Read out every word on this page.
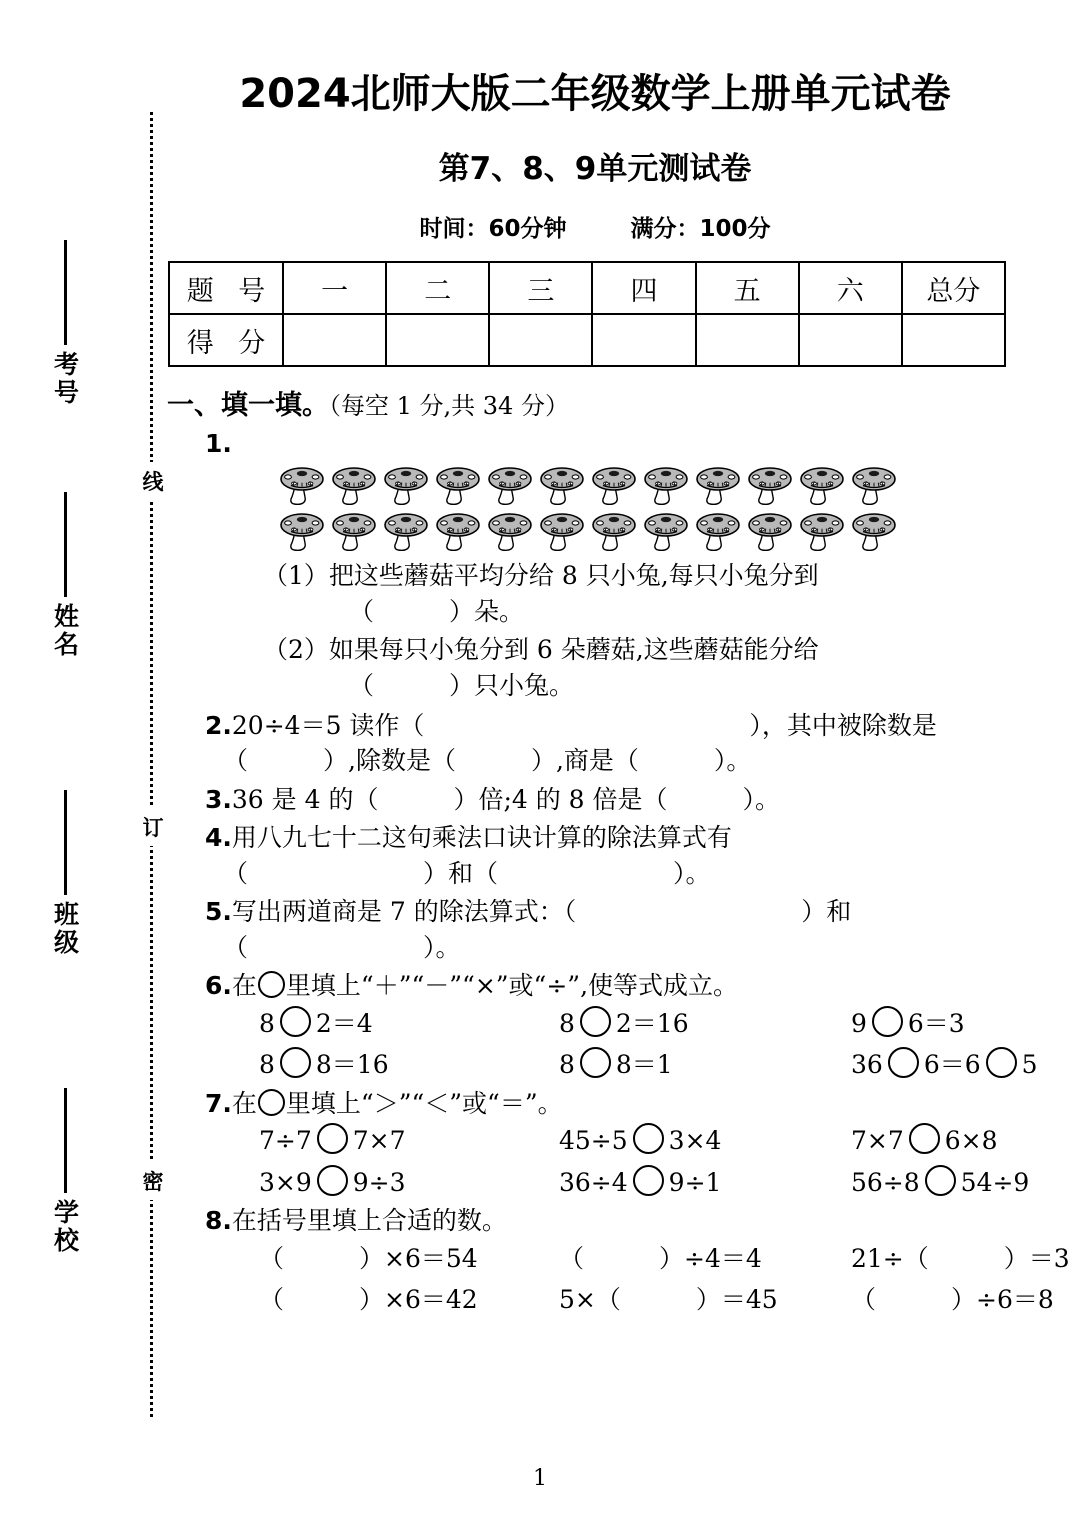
考号
姓名
班级
学校
线
订
密
2024北师大版二年级数学上册单元试卷
第7、8、9单元测试卷
时间：60分钟	满分：100分
题 号	一	二	三	四	五	六	总分
得 分							
一、填一填。（每空 1 分,共 34 分）
1.
（1）把这些蘑菇平均分给 8 只小兔,每只小兔分到
（　　　）朵。
（2）如果每只小兔分到 6 朵蘑菇,这些蘑菇能分给
（　　　）只小兔。
2.20÷4＝5 读作（　　　　　　　　　　　　　），其中被除数是
（　　　）,除数是（　　　）,商是（　　　）。
3.36 是 4 的（　　　）倍;4 的 8 倍是（　　　）。
4.用八九七十二这句乘法口诀计算的除法算式有
（　　　　　　　）和（　　　　　　　）。
5.写出两道商是 7 的除法算式：（　　　　　　　　　）和
（　　　　　　　）。
6.在 里填上“＋”“－”“×”或“÷”,使等式成立。
8 2＝4	8 2＝16	9 6＝3
8 8＝16	8 8＝1	36 6＝6 5
7.在 里填上“＞”“＜”或“＝”。
7÷7 7×7	45÷5 3×4	7×7 6×8
3×9 9÷3	36÷4 9÷1	56÷8 54÷9
8.在括号里填上合适的数。
（　　　）×6＝54	（　　　）÷4＝4	21÷（　　　）＝3
（　　　）×6＝42	5×（　　　）＝45	（　　　）÷6＝8
1
